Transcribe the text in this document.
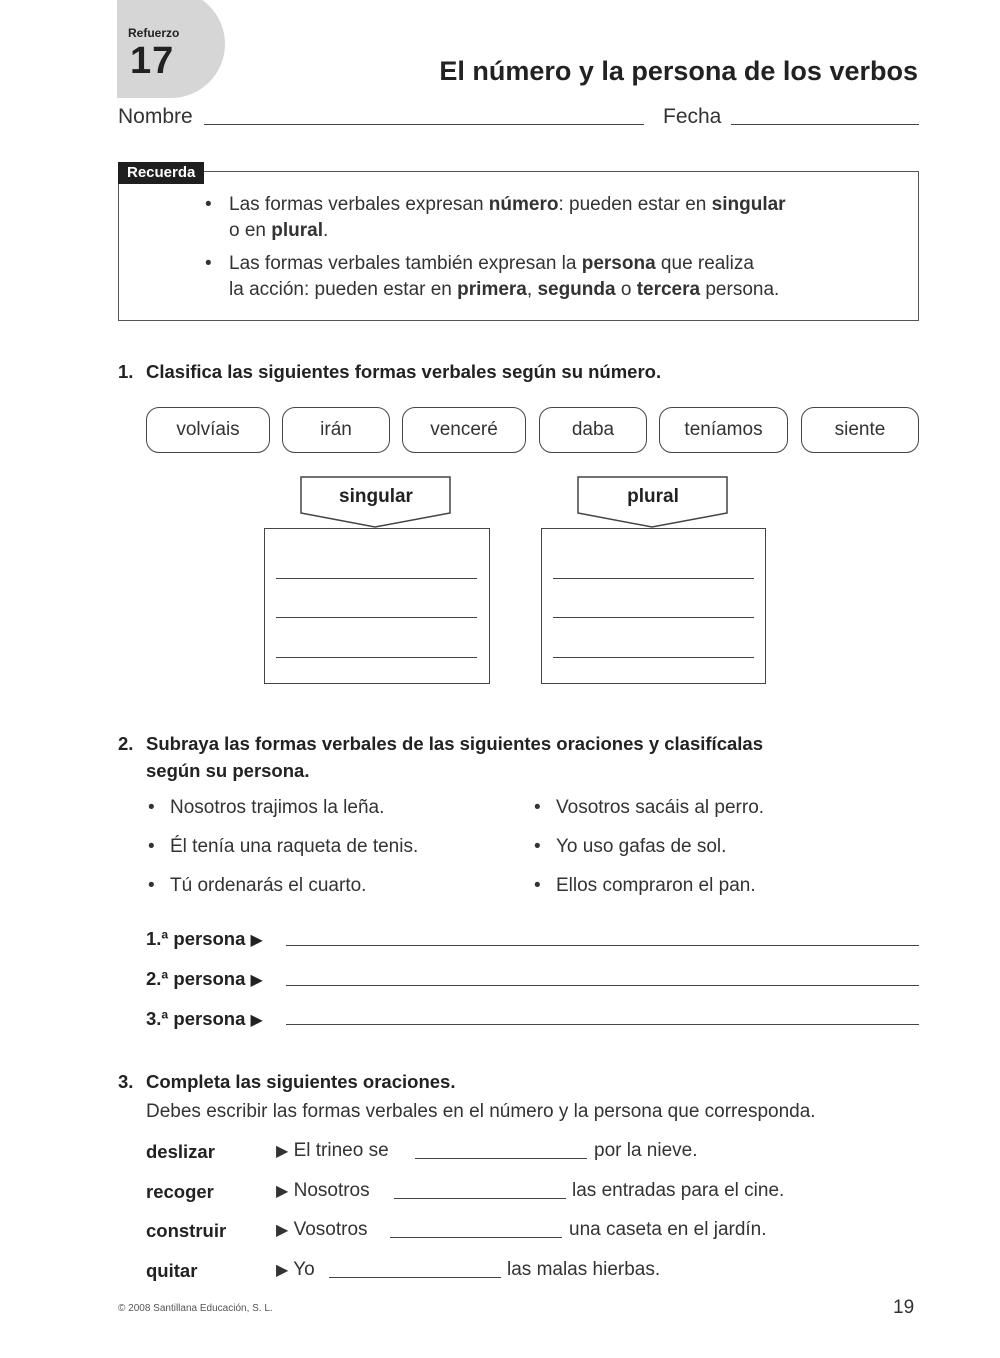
Refuerzo
17	El número y la persona de los verbos
Nombre	Fecha
Recuerda
• Las formas verbales expresan número: pueden estar en singular
o en plural.
• Las formas verbales también expresan la persona que realiza
la acción: pueden estar en primera, segunda o tercera persona.
1. Clasifica las siguientes formas verbales según su número.
volvíais	irán	venceré	daba	teníamos	siente
singular	plural
2. Subraya las formas verbales de las siguientes oraciones y clasifícalas
según su persona.
• Nosotros trajimos la leña.
• Él tenía una raqueta de tenis.
• Tú ordenarás el cuarto.
• Vosotros sacáis al perro.
• Yo uso gafas de sol.
• Ellos compraron el pan.
1.ª persona ▶
2.ª persona ▶
3.ª persona ▶
3. Completa las siguientes oraciones.
Debes escribir las formas verbales en el número y la persona que corresponda.
deslizar	▶ El trineo se	por la nieve.
recoger	▶ Nosotros	las entradas para el cine.
construir	▶ Vosotros	una caseta en el jardín.
quitar	▶ Yo	las malas hierbas.
© 2008 Santillana Educación, S. L.	19
